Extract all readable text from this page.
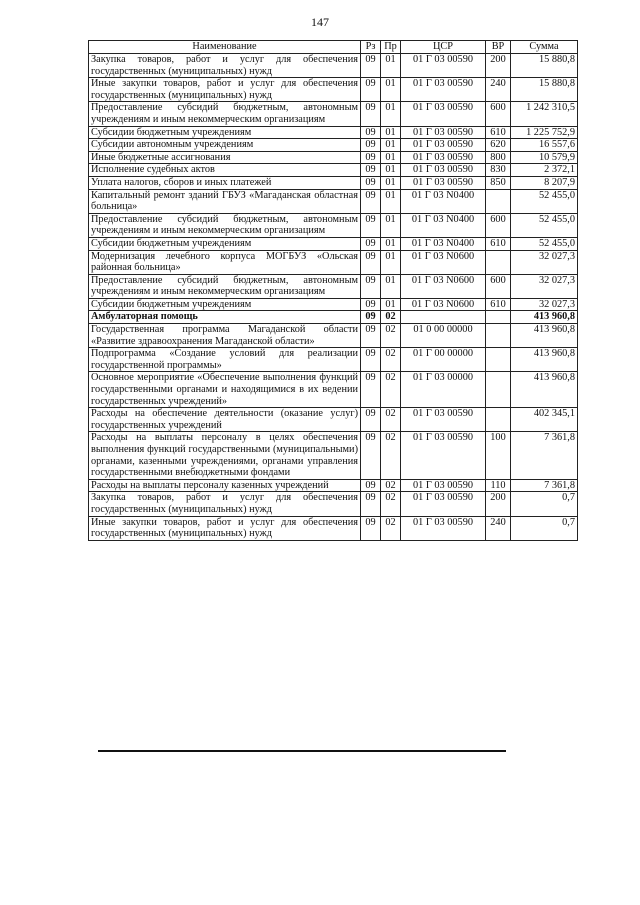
147
Наименование	Рз	Пр	ЦСР	ВР	Сумма
Закупка товаров, работ и услуг для обеспечения государственных (муниципальных) нужд	09	01	01 Г 03 00590	200	15 880,8
Иные закупки товаров, работ и услуг для обеспечения государственных (муниципальных) нужд	09	01	01 Г 03 00590	240	15 880,8
Предоставление субсидий бюджетным, автономным учреждениям и иным некоммерческим организациям	09	01	01 Г 03 00590	600	1 242 310,5
Субсидии бюджетным учреждениям	09	01	01 Г 03 00590	610	1 225 752,9
Субсидии автономным учреждениям	09	01	01 Г 03 00590	620	16 557,6
Иные бюджетные ассигнования	09	01	01 Г 03 00590	800	10 579,9
Исполнение судебных актов	09	01	01 Г 03 00590	830	2 372,1
Уплата налогов, сборов и иных платежей	09	01	01 Г 03 00590	850	8 207,9
Капитальный ремонт зданий ГБУЗ «Магаданская областная больница»	09	01	01 Г 03 N0400		52 455,0
Предоставление субсидий бюджетным, автономным учреждениям и иным некоммерческим организациям	09	01	01 Г 03 N0400	600	52 455,0
Субсидии бюджетным учреждениям	09	01	01 Г 03 N0400	610	52 455,0
Модернизация лечебного корпуса МОГБУЗ «Ольская районная больница»	09	01	01 Г 03 N0600		32 027,3
Предоставление субсидий бюджетным, автономным учреждениям и иным некоммерческим организациям	09	01	01 Г 03 N0600	600	32 027,3
Субсидии бюджетным учреждениям	09	01	01 Г 03 N0600	610	32 027,3
Амбулаторная помощь	09	02			413 960,8
Государственная программа Магаданской области «Развитие здравоохранения Магаданской области»	09	02	01 0 00 00000		413 960,8
Подпрограмма «Создание условий для реализации государственной программы»	09	02	01 Г 00 00000		413 960,8
Основное мероприятие «Обеспечение выполнения функций государственными органами и находящимися в их ведении государственных учреждений»	09	02	01 Г 03 00000		413 960,8
Расходы на обеспечение деятельности (оказание услуг) государственных учреждений	09	02	01 Г 03 00590		402 345,1
Расходы на выплаты персоналу в целях обеспечения выполнения функций государственными (муниципальными) органами, казенными учреждениями, органами управления государственными внебюджетными фондами	09	02	01 Г 03 00590	100	7 361,8
Расходы на выплаты персоналу казенных учреждений	09	02	01 Г 03 00590	110	7 361,8
Закупка товаров, работ и услуг для обеспечения государственных (муниципальных) нужд	09	02	01 Г 03 00590	200	0,7
Иные закупки товаров, работ и услуг для обеспечения государственных (муниципальных) нужд	09	02	01 Г 03 00590	240	0,7
